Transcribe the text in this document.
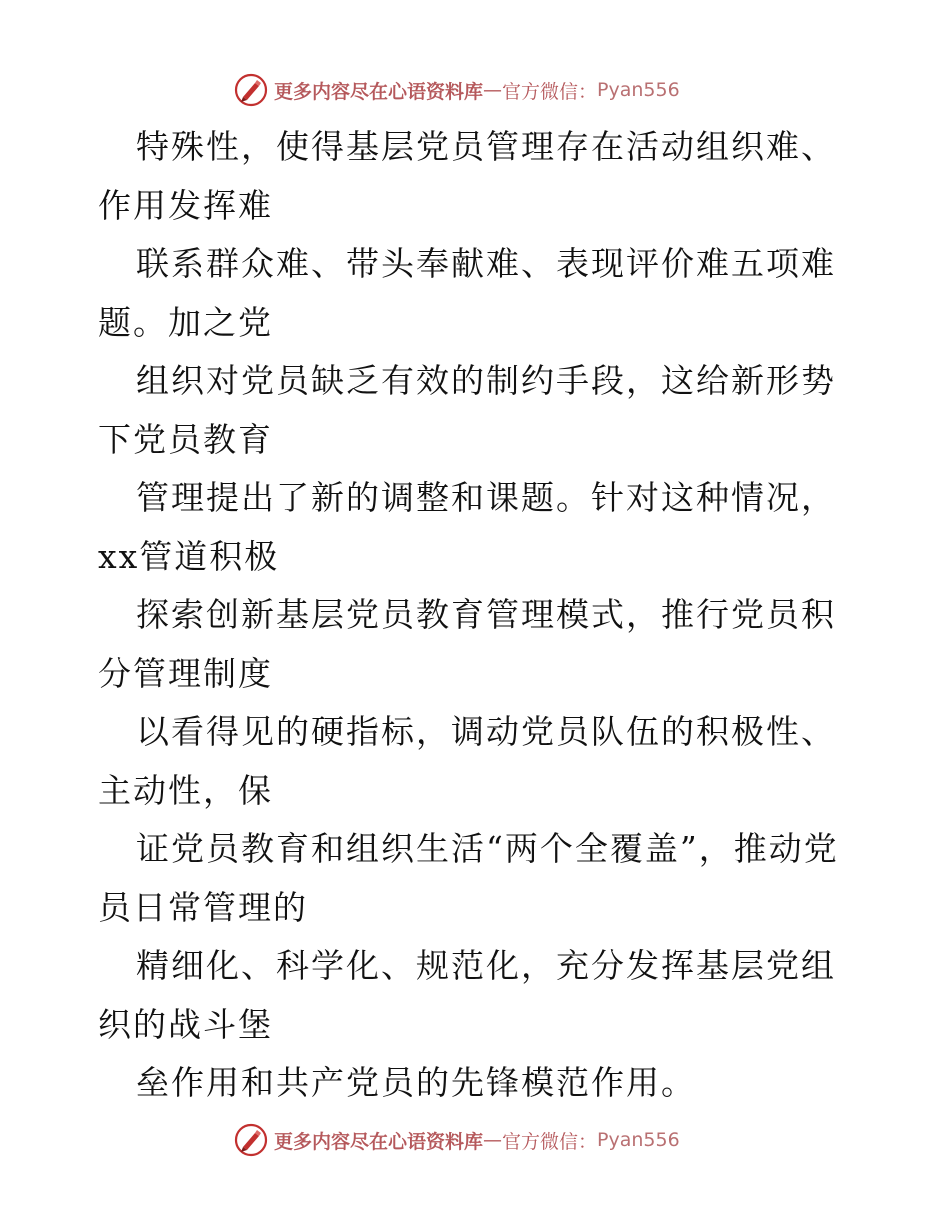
更多内容尽在心语资料库 — 官方微信： Pyan556

特殊性，使得基层党员管理存在活动组织难、作用发挥难

联系群众难、带头奉献难、表现评价难五项难题。加之党

组织对党员缺乏有效的制约手段，这给新形势下党员教育

管理提出了新的调整和课题。针对这种情况，xx管道积极

探索创新基层党员教育管理模式，推行党员积分管理制度

以看得见的硬指标，调动党员队伍的积极性、主动性，保

证党员教育和组织生活“两个全覆盖”，推动党员日常管理的

精细化、科学化、规范化，充分发挥基层党组织的战斗堡

垒作用和共产党员的先锋模范作用。

更多内容尽在心语资料库 — 官方微信： Pyan556
